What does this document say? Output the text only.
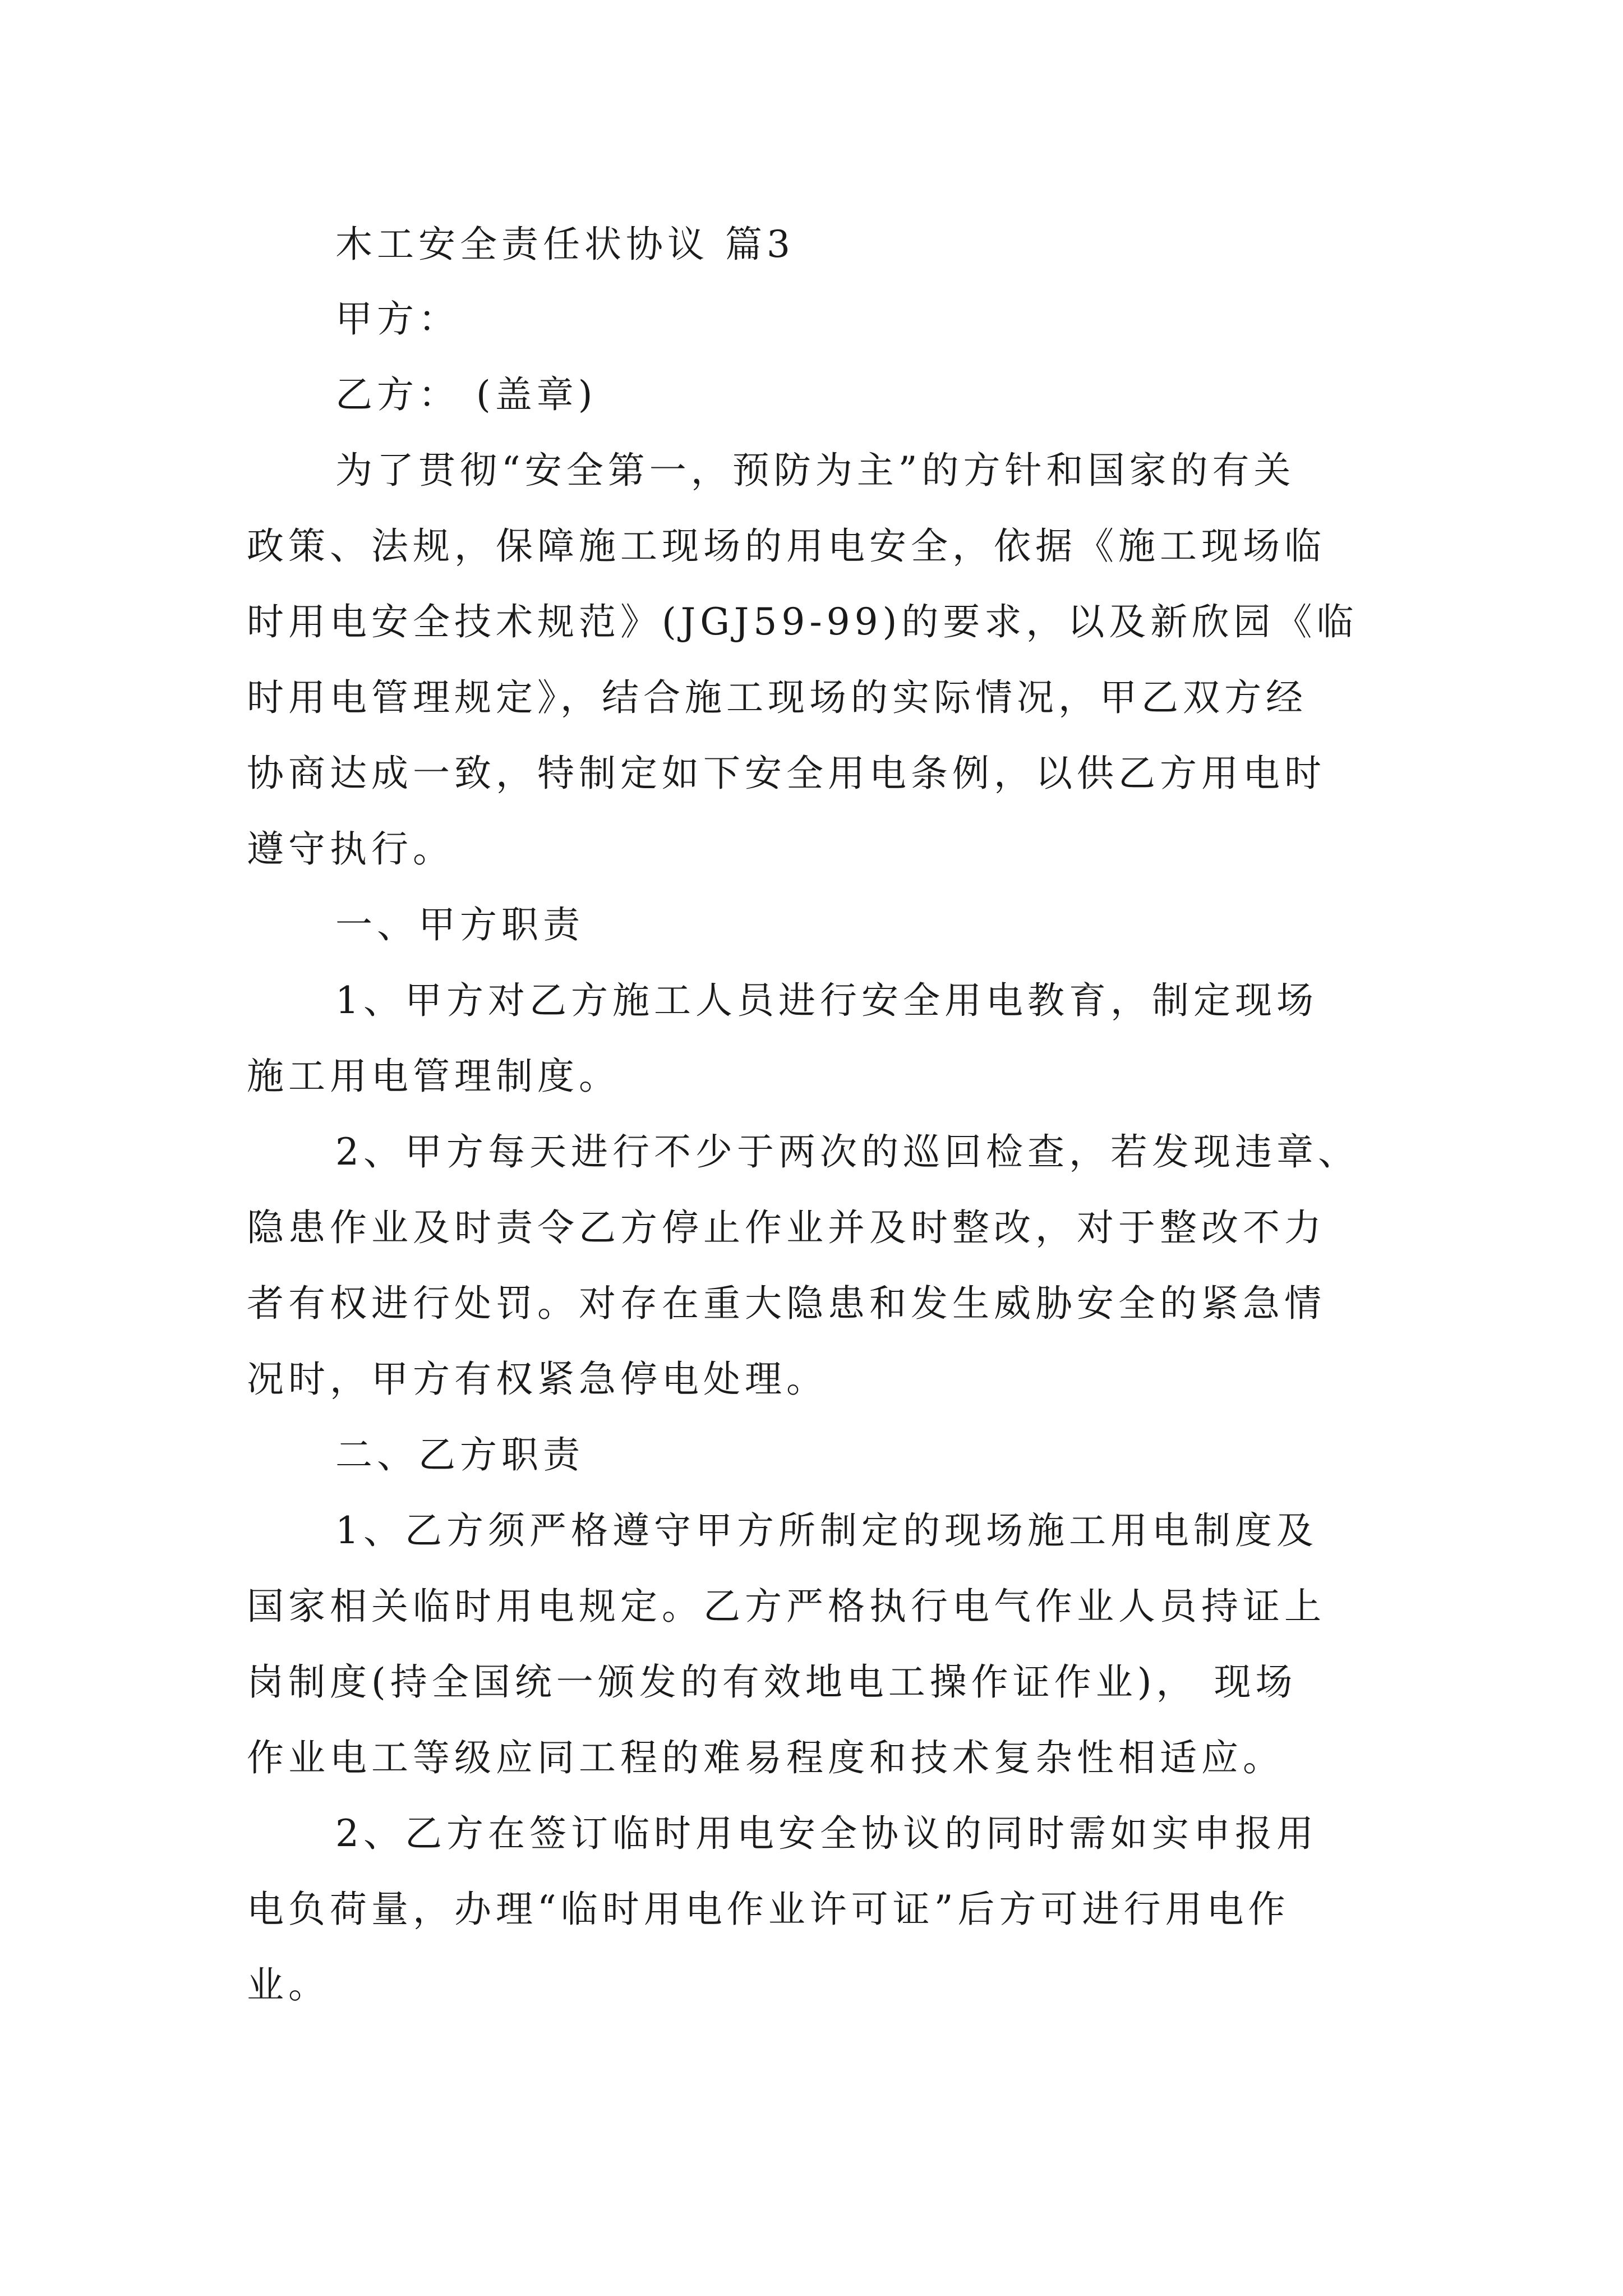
木工安全责任状协议 篇3
甲方：
乙方： (盖章)
为了贯彻“安全第一，预防为主”的方针和国家的有关
政策、法规，保障施工现场的用电安全，依据《施工现场临
时用电安全技术规范》(JGJ59-99)的要求，以及新欣园《临
时用电管理规定》，结合施工现场的实际情况，甲乙双方经
协商达成一致，特制定如下安全用电条例，以供乙方用电时
遵守执行。
一、甲方职责
1、甲方对乙方施工人员进行安全用电教育，制定现场
施工用电管理制度。
2、甲方每天进行不少于两次的巡回检查，若发现违章、
隐患作业及时责令乙方停止作业并及时整改，对于整改不力
者有权进行处罚。对存在重大隐患和发生威胁安全的紧急情
况时，甲方有权紧急停电处理。
二、乙方职责
1、乙方须严格遵守甲方所制定的现场施工用电制度及
国家相关临时用电规定。乙方严格执行电气作业人员持证上
岗制度(持全国统一颁发的有效地电工操作证作业)， 现场
作业电工等级应同工程的难易程度和技术复杂性相适应。
2、乙方在签订临时用电安全协议的同时需如实申报用
电负荷量，办理“临时用电作业许可证”后方可进行用电作
业。
